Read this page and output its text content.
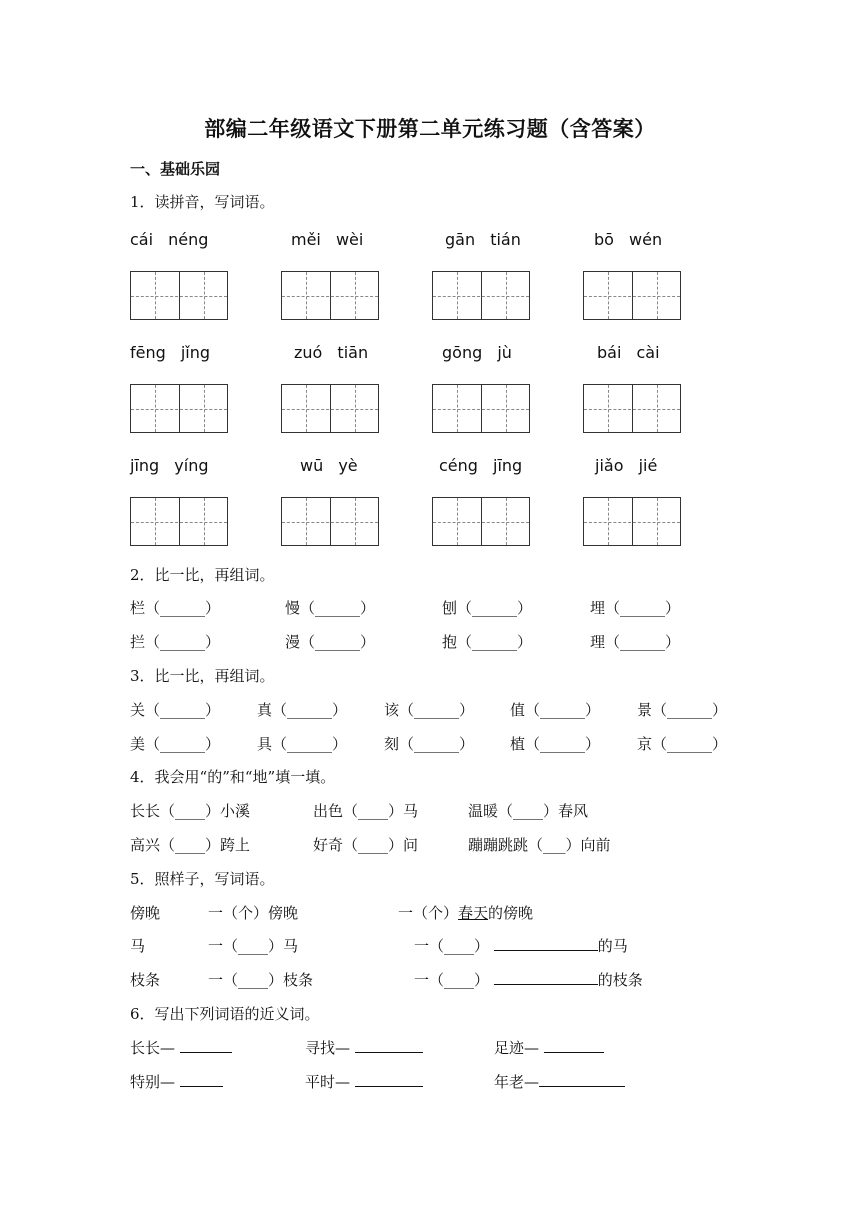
部编二年级语文下册第二单元练习题（含答案）
一、基础乐园
1．读拼音，写词语。
cái néng	měi wèi	gān tián	bō wén
fēng jǐng	zuó tiān	gōng jù	bái cài
jīng yíng	wū yè	céng jīng	jiǎo jié
2．比一比，再组词。
栏（______）	慢（______）	刨（______）	埋（______）
拦（______）	漫（______）	抱（______）	理（______）
3．比一比，再组词。
关（______） 真（______） 该（______） 值（______） 景（______）
美（______） 具（______） 刻（______） 植（______） 京（______）
4．我会用“的”和“地”填一填。
长长（____）小溪	出色（____）马	温暖（____）春风
高兴（____）跨上	好奇（____）问	蹦蹦跳跳（___）向前
5．照样子，写词语。
傍晚	一（个）傍晚	一（个）春天的傍晚
马	一（____）马	一（____）	的马
枝条	一（____）枝条	一（____）	的枝条
6．写出下列词语的近义词。
长长—	寻找—	足迹—
特别—	平时—	年老—
